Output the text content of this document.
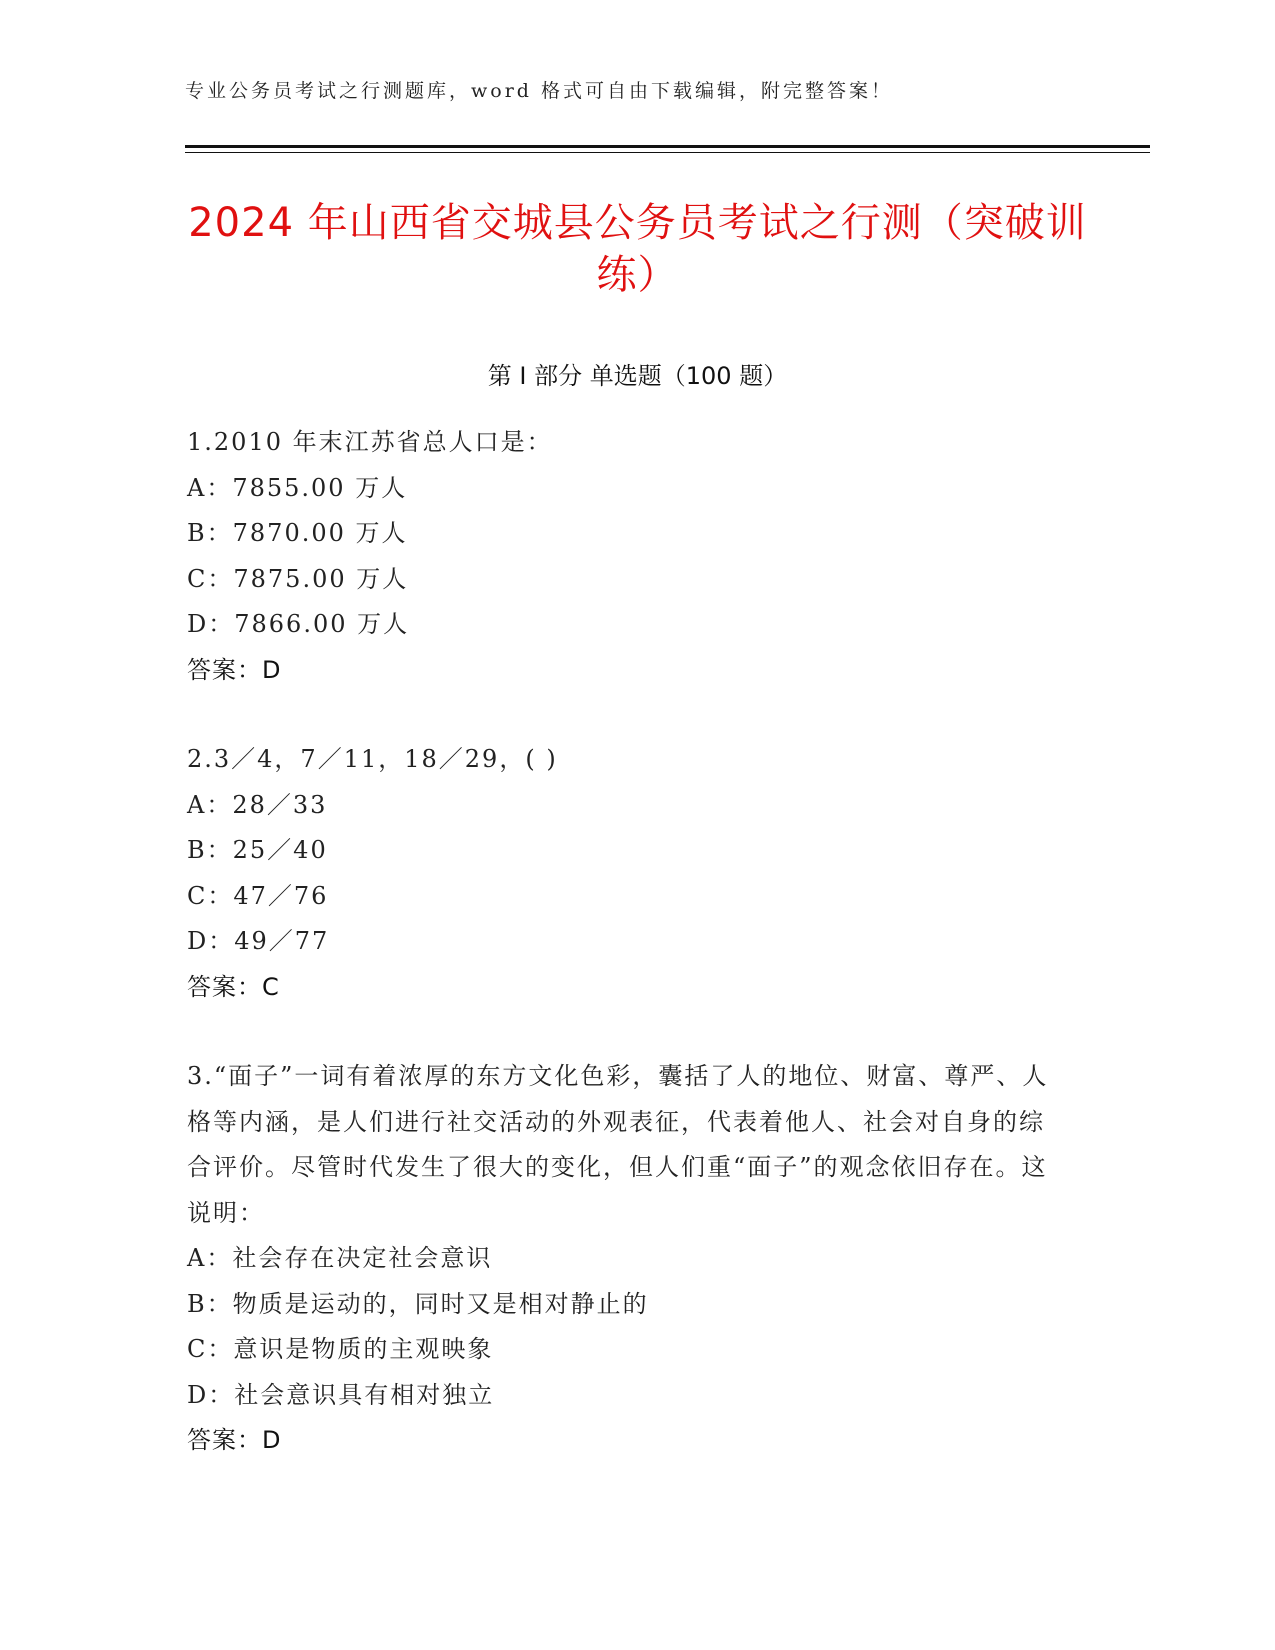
专业公务员考试之行测题库，word 格式可自由下载编辑，附完整答案！
2024 年山西省交城县公务员考试之行测（突破训练）
第 I 部分 单选题（100 题）
1.2010 年末江苏省总人口是：
A：7855.00 万人
B：7870.00 万人
C：7875.00 万人
D：7866.00 万人
答案：D
2.3／4，7／11，18／29，( )
A：28／33
B：25／40
C：47／76
D：49／77
答案：C
3.“面子”一词有着浓厚的东方文化色彩，囊括了人的地位、财富、尊严、人格等内涵，是人们进行社交活动的外观表征，代表着他人、社会对自身的综合评价。尽管时代发生了很大的变化，但人们重“面子”的观念依旧存在。这说明：
A：社会存在决定社会意识
B：物质是运动的，同时又是相对静止的
C：意识是物质的主观映象
D：社会意识具有相对独立
答案：D
